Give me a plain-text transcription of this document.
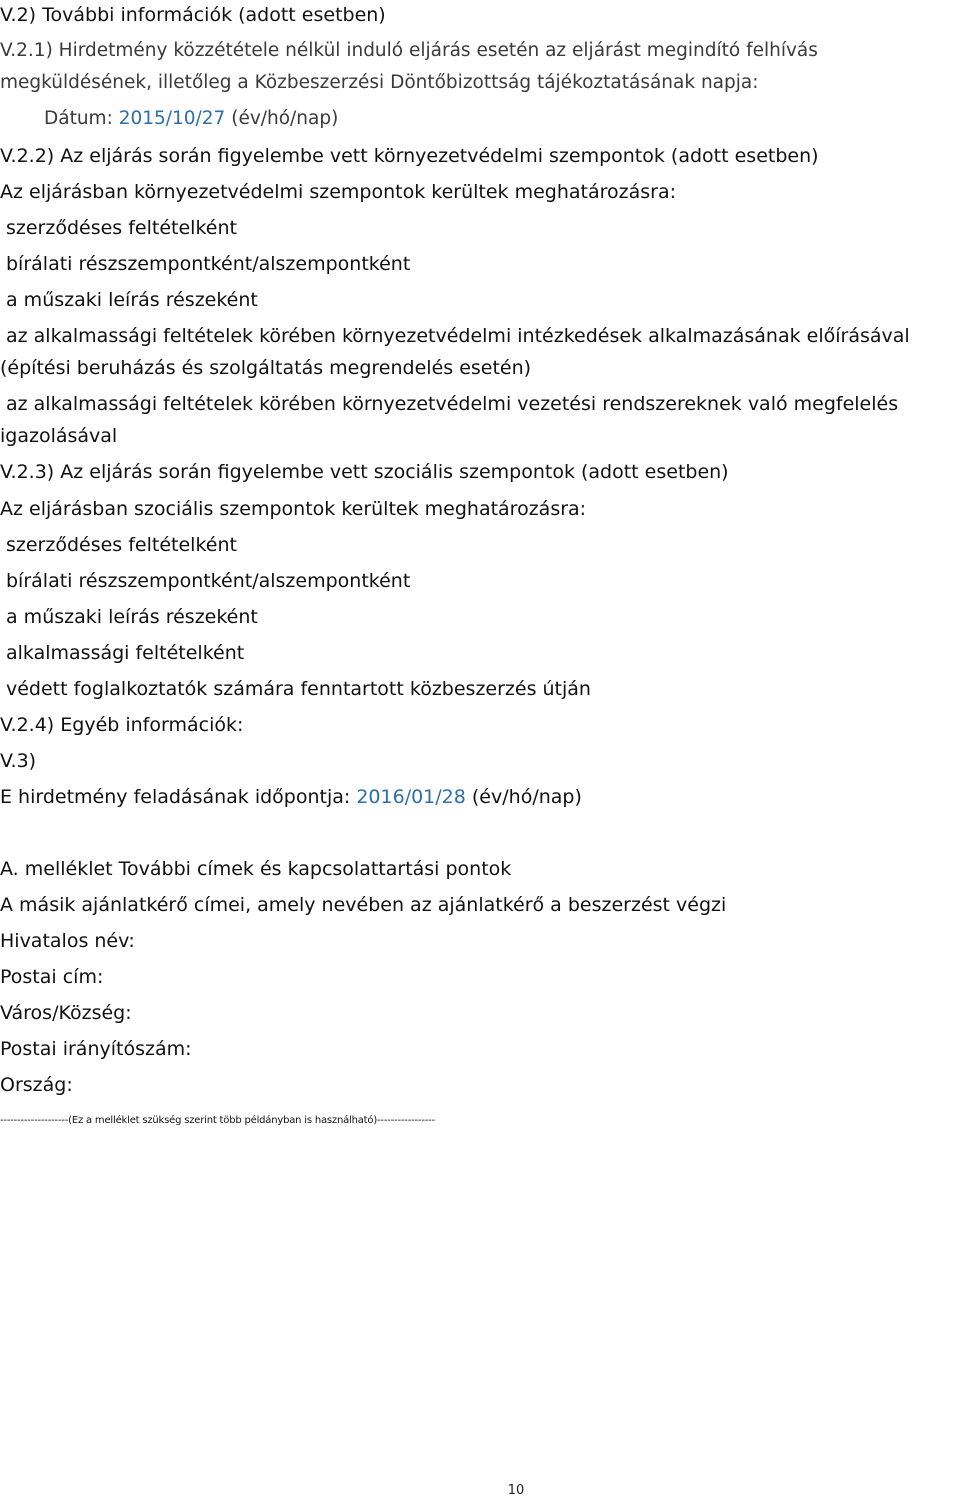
V.2) További információk (adott esetben)
V.2.1) Hirdetmény közzététele nélkül induló eljárás esetén az eljárást megindító felhívás
megküldésének, illetőleg a Közbeszerzési Döntőbizottság tájékoztatásának napja:
Dátum: 2015/10/27 (év/hó/nap)
V.2.2) Az eljárás során figyelembe vett környezetvédelmi szempontok (adott esetben)
Az eljárásban környezetvédelmi szempontok kerültek meghatározásra:
szerződéses feltételként
bírálati részszempontként/alszempontként
a műszaki leírás részeként
az alkalmassági feltételek körében környezetvédelmi intézkedések alkalmazásának előírásával
(építési beruházás és szolgáltatás megrendelés esetén)
az alkalmassági feltételek körében környezetvédelmi vezetési rendszereknek való megfelelés
igazolásával
V.2.3) Az eljárás során figyelembe vett szociális szempontok (adott esetben)
Az eljárásban szociális szempontok kerültek meghatározásra:
szerződéses feltételként
bírálati részszempontként/alszempontként
a műszaki leírás részeként
alkalmassági feltételként
védett foglalkoztatók számára fenntartott közbeszerzés útján
V.2.4) Egyéb információk:
V.3)
E hirdetmény feladásának időpontja: 2016/01/28 (év/hó/nap)
A. melléklet További címek és kapcsolattartási pontok
A másik ajánlatkérő címei, amely nevében az ajánlatkérő a beszerzést végzi
Hivatalos név:
Postai cím:
Város/Község:
Postai irányítószám:
Ország:
--------------------(Ez a melléklet szükség szerint több példányban is használható)-----------------
10
